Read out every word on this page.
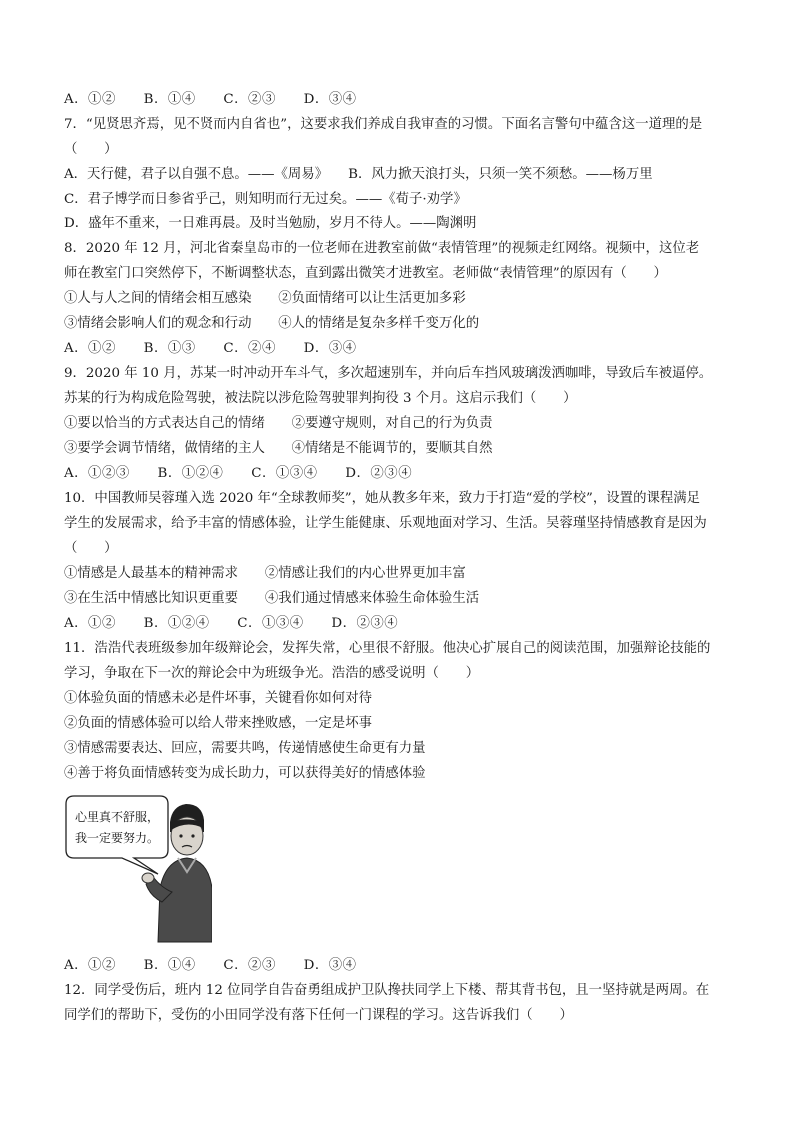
A．①②　　B．①④　　C．②③　　D．③④
7．“见贤思齐焉，见不贤而内自省也”，这要求我们养成自我审查的习惯。下面名言警句中蕴含这一道理的是
（　　）
A．天行健，君子以自强不息。——《周易》　　B．风力掀天浪打头，只须一笑不须愁。——杨万里
C．君子博学而日参省乎己，则知明而行无过矣。——《荀子·劝学》
D．盛年不重来，一日难再晨。及时当勉励，岁月不待人。——陶渊明
8．2020 年 12 月，河北省秦皇岛市的一位老师在进教室前做“表情管理”的视频走红网络。视频中，这位老
师在教室门口突然停下，不断调整状态，直到露出微笑才进教室。老师做“表情管理”的原因有（　　）
①人与人之间的情绪会相互感染　　②负面情绪可以让生活更加多彩
③情绪会影响人们的观念和行动　　④人的情绪是复杂多样千变万化的
A．①②　　B．①③　　C．②④　　D．③④
9．2020 年 10 月，苏某一时冲动开车斗气，多次超速别车，并向后车挡风玻璃泼洒咖啡，导致后车被逼停。
苏某的行为构成危险驾驶，被法院以涉危险驾驶罪判拘役 3 个月。这启示我们（　　）
①要以恰当的方式表达自己的情绪　　②要遵守规则，对自己的行为负责
③要学会调节情绪，做情绪的主人　　④情绪是不能调节的，要顺其自然
A．①②③　　B．①②④　　C．①③④　　D．②③④
10．中国教师吴蓉瑾入选 2020 年“全球教师奖”，她从教多年来，致力于打造“爱的学校”，设置的课程满足
学生的发展需求，给予丰富的情感体验，让学生能健康、乐观地面对学习、生活。吴蓉瑾坚持情感教育是因为
（　　）
①情感是人最基本的精神需求　　②情感让我们的内心世界更加丰富
③在生活中情感比知识更重要　　④我们通过情感来体验生命体验生活
A．①②　　B．①②④　　C．①③④　　D．②③④
11．浩浩代表班级参加年级辩论会，发挥失常，心里很不舒服。他决心扩展自己的阅读范围，加强辩论技能的
学习，争取在下一次的辩论会中为班级争光。浩浩的感受说明（　　）
①体验负面的情感未必是件坏事，关键看你如何对待
②负面的情感体验可以给人带来挫败感，一定是坏事
③情感需要表达、回应，需要共鸣，传递情感使生命更有力量
④善于将负面情感转变为成长助力，可以获得美好的情感体验
心里真不舒服，
我一定要努力。
A．①②　　B．①④　　C．②③　　D．③④
12．同学受伤后，班内 12 位同学自告奋勇组成护卫队搀扶同学上下楼、帮其背书包，且一坚持就是两周。在
同学们的帮助下，受伤的小田同学没有落下任何一门课程的学习。这告诉我们（　　）
